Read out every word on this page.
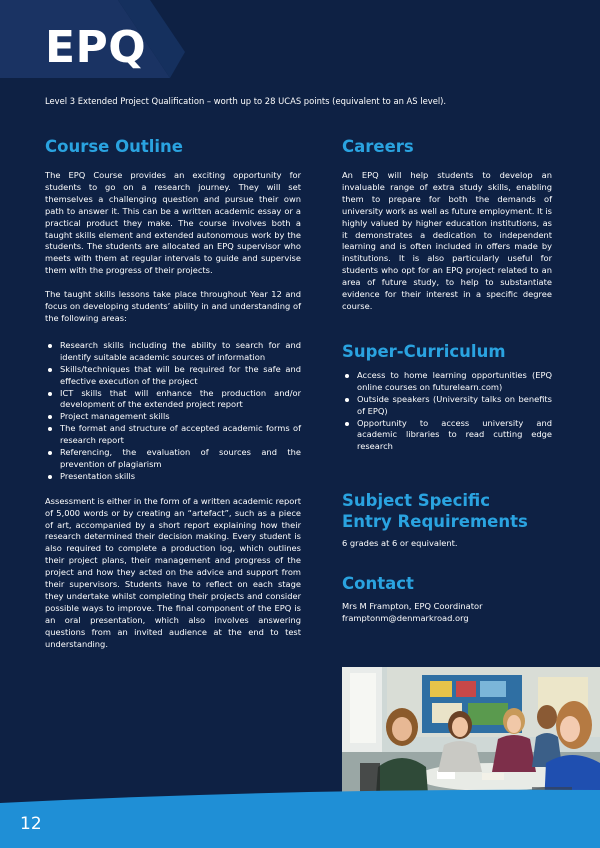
EPQ
Level 3 Extended Project Qualification – worth up to 28 UCAS points (equivalent to an AS level).
Course Outline

The EPQ Course provides an exciting opportunity for students to go on a research journey. They will set themselves a challenging question and pursue their own path to answer it. This can be a written academic essay or a practical product they make. The course involves both a taught skills element and extended autonomous work by the students. The students are allocated an EPQ supervisor who meets with them at regular intervals to guide and supervise them with the progress of their projects.

The taught skills lessons take place throughout Year 12 and focus on developing students’ ability in and understanding of the following areas:

Research skills including the ability to search for and identify suitable academic sources of information
Skills/techniques that will be required for the safe and effective execution of the project
ICT skills that will enhance the production and/or development of the extended project report
Project management skills
The format and structure of accepted academic forms of research report
Referencing, the evaluation of sources and the prevention of plagiarism
Presentation skills

Assessment is either in the form of a written academic report of 5,000 words or by creating an “artefact”, such as a piece of art, accompanied by a short report explaining how their research determined their decision making. Every student is also required to complete a production log, which outlines their project plans, their management and progress of the project and how they acted on the advice and support from their supervisors. Students have to reflect on each stage they undertake whilst completing their projects and consider possible ways to improve. The final component of the EPQ is an oral presentation, which also involves answering questions from an invited audience at the end to test understanding.

Careers

An EPQ will help students to develop an invaluable range of extra study skills, enabling them to prepare for both the demands of university work as well as future employment. It is highly valued by higher education institutions, as it demonstrates a dedication to independent learning and is often included in offers made by institutions. It is also particularly useful for students who opt for an EPQ project related to an area of future study, to help to substantiate evidence for their interest in a specific degree course.

Super-Curriculum
Access to home learning opportunities (EPQ online courses on futurelearn.com)
Outside speakers (University talks on benefits of EPQ)
Opportunity to access university and academic libraries to read cutting edge research
Subject Specific
Entry Requirements

6 grades at 6 or equivalent.

Contact

Mrs M Frampton, EPQ Coordinator

framptonm@denmarkroad.org

12
